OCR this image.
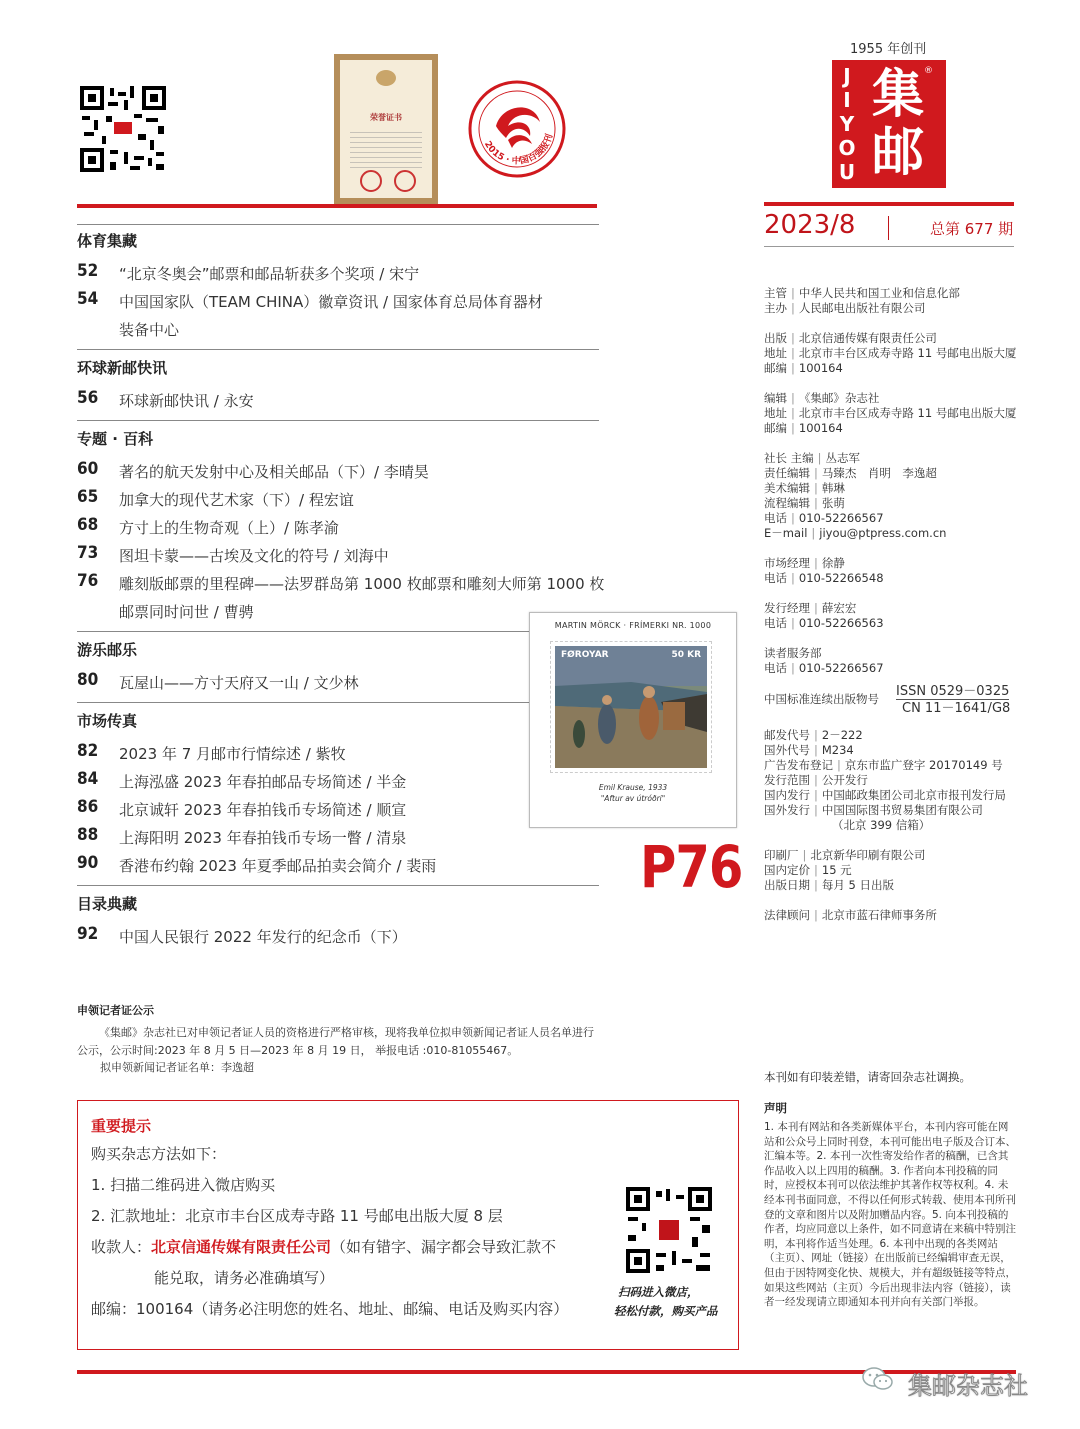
荣誉证书
2015 · 中国百强报刊
1955 年创刊
JIYOU 集邮
®
2023/8	总第 677 期
体育集藏
52	“北京冬奥会”邮票和邮品斩获多个奖项 / 宋宁
54	中国国家队（TEAM CHINA）徽章资讯 / 国家体育总局体育器材
装备中心
环球新邮快讯
56	环球新邮快讯 / 永安
专题 · 百科
60	著名的航天发射中心及相关邮品（下）/ 李晴昊
65	加拿大的现代艺术家（下）/ 程宏谊
68	方寸上的生物奇观（上）/ 陈孝渝
73	图坦卡蒙——古埃及文化的符号 / 刘海中
76	雕刻版邮票的里程碑——法罗群岛第 1000 枚邮票和雕刻大师第 1000 枚
邮票同时问世 / 曹骋
游乐邮乐
80	瓦屋山——方寸天府又一山 / 文少林
市场传真
82	2023 年 7 月邮市行情综述 / 紫牧
84	上海泓盛 2023 年春拍邮品专场简述 / 半金
86	北京诚轩 2023 年春拍钱币专场简述 / 顺宣
88	上海阳明 2023 年春拍钱币专场一瞥 / 清泉
90	香港布约翰 2023 年夏季邮品拍卖会简介 / 裴雨
目录典藏
92	中国人民银行 2022 年发行的纪念币（下）
MARTIN MÖRCK · FRÍMERKI NR. 1000
FØROYAR	50 KR
Emil Krause, 1933
"Aftur av útróðri"
P76
主管 | 中华人民共和国工业和信息化部
主办 | 人民邮电出版社有限公司
出版 | 北京信通传媒有限责任公司
地址 | 北京市丰台区成寿寺路 11 号邮电出版大厦
邮编 | 100164
编辑 | 《集邮》杂志社
地址 | 北京市丰台区成寿寺路 11 号邮电出版大厦
邮编 | 100164
社长 主编 | 丛志军
责任编辑 | 马臻杰　肖明　李逸超
美术编辑 | 韩琳
流程编辑 | 张萌
电话 | 010-52266567
E－mail | jiyou@ptpress.com.cn
市场经理 | 徐静
电话 | 010-52266548
发行经理 | 薛宏宏
电话 | 010-52266563
读者服务部
电话 | 010-52266567
中国标准连续出版物号 ISSN 0529－0325
CN 11－1641/G8
邮发代号 | 2－222
国外代号 | M234
广告发布登记 | 京东市监广登字 20170149 号
发行范围 | 公开发行
国内发行 | 中国邮政集团公司北京市报刊发行局
国外发行 | 中国国际图书贸易集团有限公司
（北京 399 信箱）
印刷厂 | 北京新华印刷有限公司
国内定价 | 15 元
出版日期 | 每月 5 日出版
法律顾问 | 北京市蓝石律师事务所
申领记者证公示
《集邮》杂志社已对申领记者证人员的资格进行严格审核，现将我单位拟申领新闻记者证人员名单进行公示，公示时间:2023 年 8 月 5 日—2023 年 8 月 19 日， 举报电话 :010-81055467。
拟申领新闻记者证名单：李逸超
重要提示
购买杂志方法如下：
1. 扫描二维码进入微店购买
2. 汇款地址：北京市丰台区成寿寺路 11 号邮电出版大厦 8 层
收款人：北京信通传媒有限责任公司（如有错字、漏字都会导致汇款不
能兑取，请务必准确填写）
邮编：100164（请务必注明您的姓名、地址、邮编、电话及购买内容）
扫码进入微店，
轻松付款，购买产品
本刊如有印装差错，请寄回杂志社调换。
声明
1. 本刊有网站和各类新媒体平台，本刊内容可能在网站和公众号上同时刊登，本刊可能出电子版及合订本、汇编本等。2. 本刊一次性寄发给作者的稿酬，已含其作品收入以上四用的稿酬。3. 作者向本刊投稿的同时，应授权本刊可以依法维护其著作权等权利。4. 未经本刊书面同意，不得以任何形式转载、使用本刊所刊登的文章和图片以及附加赠品内容。5. 向本刊投稿的作者，均应同意以上条件，如不同意请在来稿中特别注明，本刊将作适当处理。6. 本刊中出现的各类网站（主页）、网址（链接）在出版前已经编辑审查无误，但由于因特网变化快、规模大，并有超级链接等特点，如果这些网站（主页）今后出现非法内容（链接），读者一经发现请立即通知本刊并向有关部门举报。
集邮杂志社
